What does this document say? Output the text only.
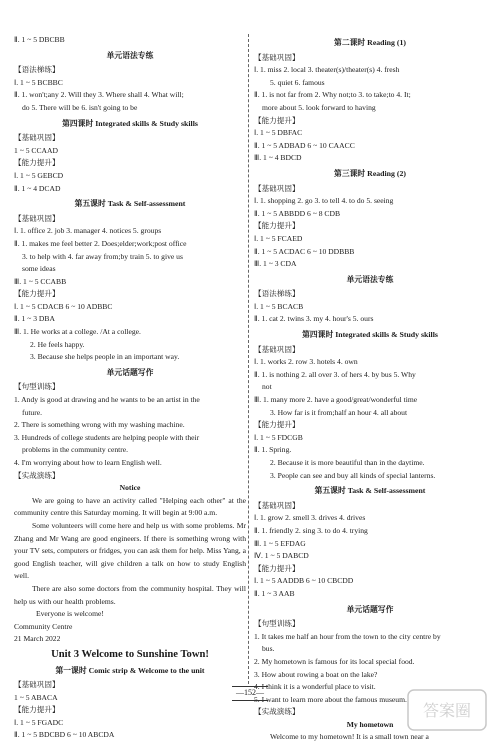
Ⅱ. 1 ~ 5 DBCBB
单元语法专练
【语法梯练】
Ⅰ. 1 ~ 5 BCBBC
Ⅱ. 1. won't;any 2. Will they 3. Where shall 4. What will;
do 5. There will be 6. isn't going to be
第四课时 Integrated skills & Study skills
【基础巩固】
1 ~ 5 CCAAD
【能力提升】
Ⅰ. 1 ~ 5 GEBCD
Ⅱ. 1 ~ 4 DCAD
第五课时 Task & Self-assessment
【基础巩固】
Ⅰ. 1. office 2. job 3. manager 4. notices 5. groups
Ⅱ. 1. makes me feel better 2. Does;elder;work;post office
3. to help with 4. far away from;by train 5. to give us
some ideas
Ⅲ. 1 ~ 5 CCABB
【能力提升】
Ⅰ. 1 ~ 5 CDACB 6 ~ 10 ADBBC
Ⅱ. 1 ~ 3 DBA
Ⅲ. 1. He works at a college. /At a college.
2. He feels happy.
3. Because she helps people in an important way.
单元话题写作
【句型训练】
1. Andy is good at drawing and he wants to be an artist in the
future.
2. There is something wrong with my washing machine.
3. Hundreds of college students are helping people with their
problems in the community centre.
4. I'm worrying about how to learn English well.
【实战演练】
Notice
We are going to have an activity called "Helping each other" at the community centre this Saturday morning. It will begin at 9:00 a.m.
Some volunteers will come here and help us with some problems. Mr Zhang and Mr Wang are good engineers. If there is something wrong with your TV sets, computers or fridges, you can ask them for help. Miss Yang, a good English teacher, will give children a talk on how to study English well.
There are also some doctors from the community hospital. They will help us with our health problems.
Everyone is welcome!
Community Centre
21 March 2022
Unit 3 Welcome to Sunshine Town!
第一课时 Comic strip & Welcome to the unit
【基础巩固】
1 ~ 5 ABACA
【能力提升】
Ⅰ. 1 ~ 5 FGADC
Ⅱ. 1 ~ 5 BDCBD 6 ~ 10 ABCDA
第二课时 Reading (1)
【基础巩固】
Ⅰ. 1. miss 2. local 3. theater(s)/theater(s) 4. fresh
5. quiet 6. famous
Ⅱ. 1. is not far from 2. Why not;to 3. to take;to 4. It;
more about 5. look forward to having
【能力提升】
Ⅰ. 1 ~ 5 DBFAC
Ⅱ. 1 ~ 5 ADBAD 6 ~ 10 CAACC
Ⅲ. 1 ~ 4 BDCD
第三课时 Reading (2)
【基础巩固】
Ⅰ. 1. shopping 2. go 3. to tell 4. to do 5. seeing
Ⅱ. 1 ~ 5 ABBDD 6 ~ 8 CDB
【能力提升】
Ⅰ. 1 ~ 5 FCAED
Ⅱ. 1 ~ 5 ACDAC 6 ~ 10 DDBBB
Ⅲ. 1 ~ 3 CDA
单元语法专练
【语法梯练】
Ⅰ. 1 ~ 5 BCACB
Ⅱ. 1. cat 2. twins 3. my 4. hour's 5. ours
第四课时 Integrated skills & Study skills
【基础巩固】
Ⅰ. 1. works 2. row 3. hotels 4. own
Ⅱ. 1. is nothing 2. all over 3. of hers 4. by bus 5. Why
not
Ⅲ. 1. many more 2. have a good/great/wonderful time
3. How far is it from;half an hour 4. all about
【能力提升】
Ⅰ. 1 ~ 5 FDCGB
Ⅱ. 1. Spring.
2. Because it is more beautiful than in the daytime.
3. People can see and buy all kinds of special lanterns.
第五课时 Task & Self-assessment
【基础巩固】
Ⅰ. 1. grow 2. smell 3. drives 4. drives
Ⅱ. 1. friendly 2. sing 3. to do 4. trying
Ⅲ. 1 ~ 5 EFDAG
Ⅳ. 1 ~ 5 DABCD
【能力提升】
Ⅰ. 1 ~ 5 AADDB 6 ~ 10 CBCDD
Ⅱ. 1 ~ 3 AAB
单元话题写作
【句型训练】
1. It takes me half an hour from the town to the city centre by
bus.
2. My hometown is famous for its local special food.
3. How about rowing a boat on the lake?
4. I think it is a wonderful place to visit.
5. I want to learn more about the famous museum.
【实战演练】
My hometown
Welcome to my hometown! It is a small town near a
—152—
答案圈
